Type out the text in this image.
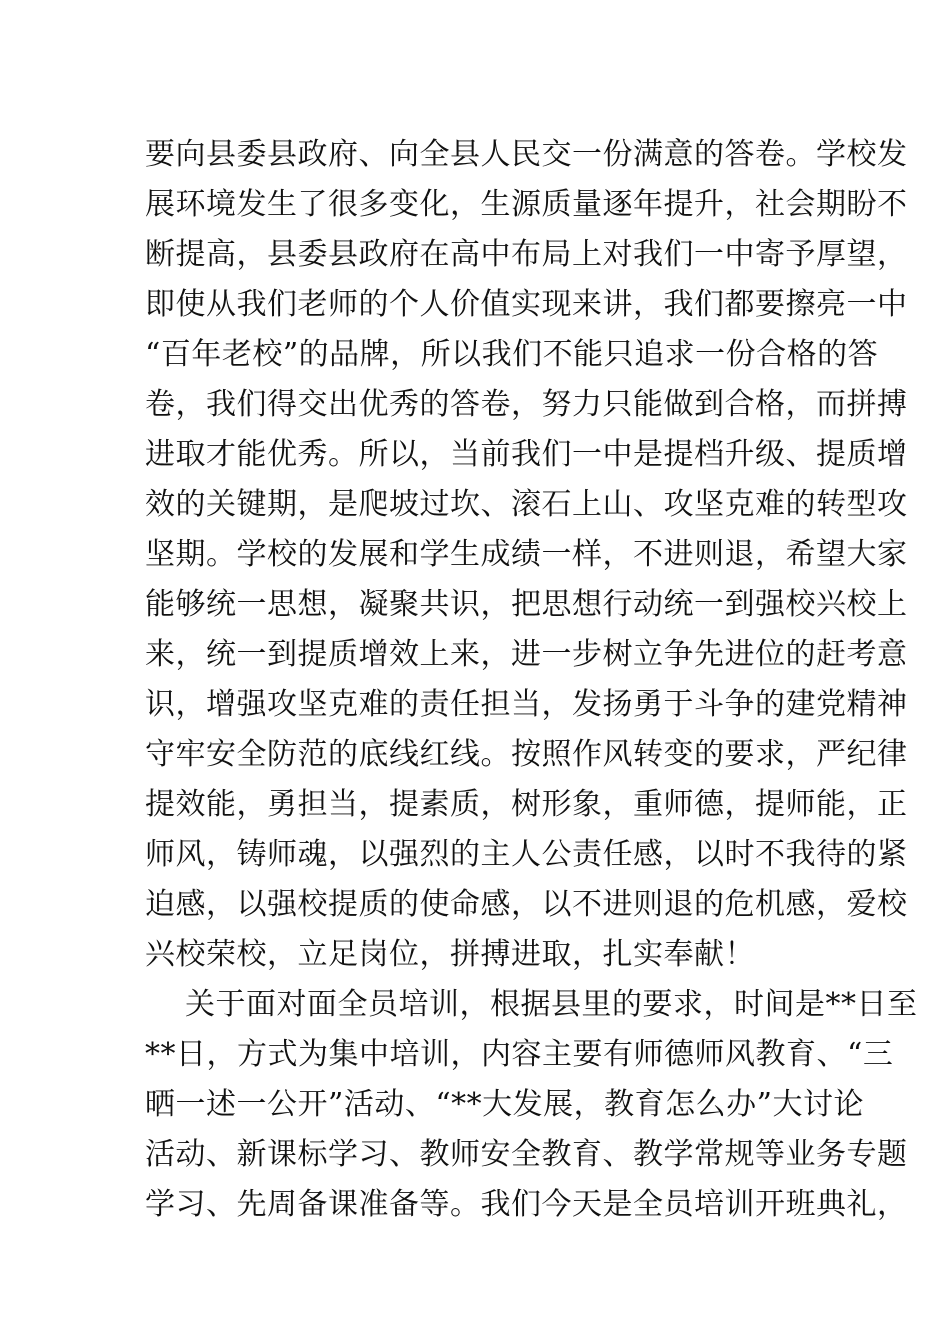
要向县委县政府、向全县人民交一份满意的答卷。学校发
展环境发生了很多变化，生源质量逐年提升，社会期盼不
断提高，县委县政府在高中布局上对我们一中寄予厚望，
即使从我们老师的个人价值实现来讲，我们都要擦亮一中
“百年老校”的品牌，所以我们不能只追求一份合格的答
卷，我们得交出优秀的答卷，努力只能做到合格，而拼搏
进取才能优秀。所以，当前我们一中是提档升级、提质增
效的关键期，是爬坡过坎、滚石上山、攻坚克难的转型攻
坚期。学校的发展和学生成绩一样，不进则退，希望大家
能够统一思想，凝聚共识，把思想行动统一到强校兴校上
来，统一到提质增效上来，进一步树立争先进位的赶考意
识，增强攻坚克难的责任担当，发扬勇于斗争的建党精神
守牢安全防范的底线红线。按照作风转变的要求，严纪律
提效能，勇担当，提素质，树形象，重师德，提师能，正
师风，铸师魂，以强烈的主人公责任感，以时不我待的紧
迫感，以强校提质的使命感，以不进则退的危机感，爱校
兴校荣校，立足岗位，拼搏进取，扎实奉献！
关于面对面全员培训，根据县里的要求，时间是**日至
**日，方式为集中培训，内容主要有师德师风教育、“三
晒一述一公开”活动、“**大发展，教育怎么办”大讨论
活动、新课标学习、教师安全教育、教学常规等业务专题
学习、先周备课准备等。我们今天是全员培训开班典礼，
